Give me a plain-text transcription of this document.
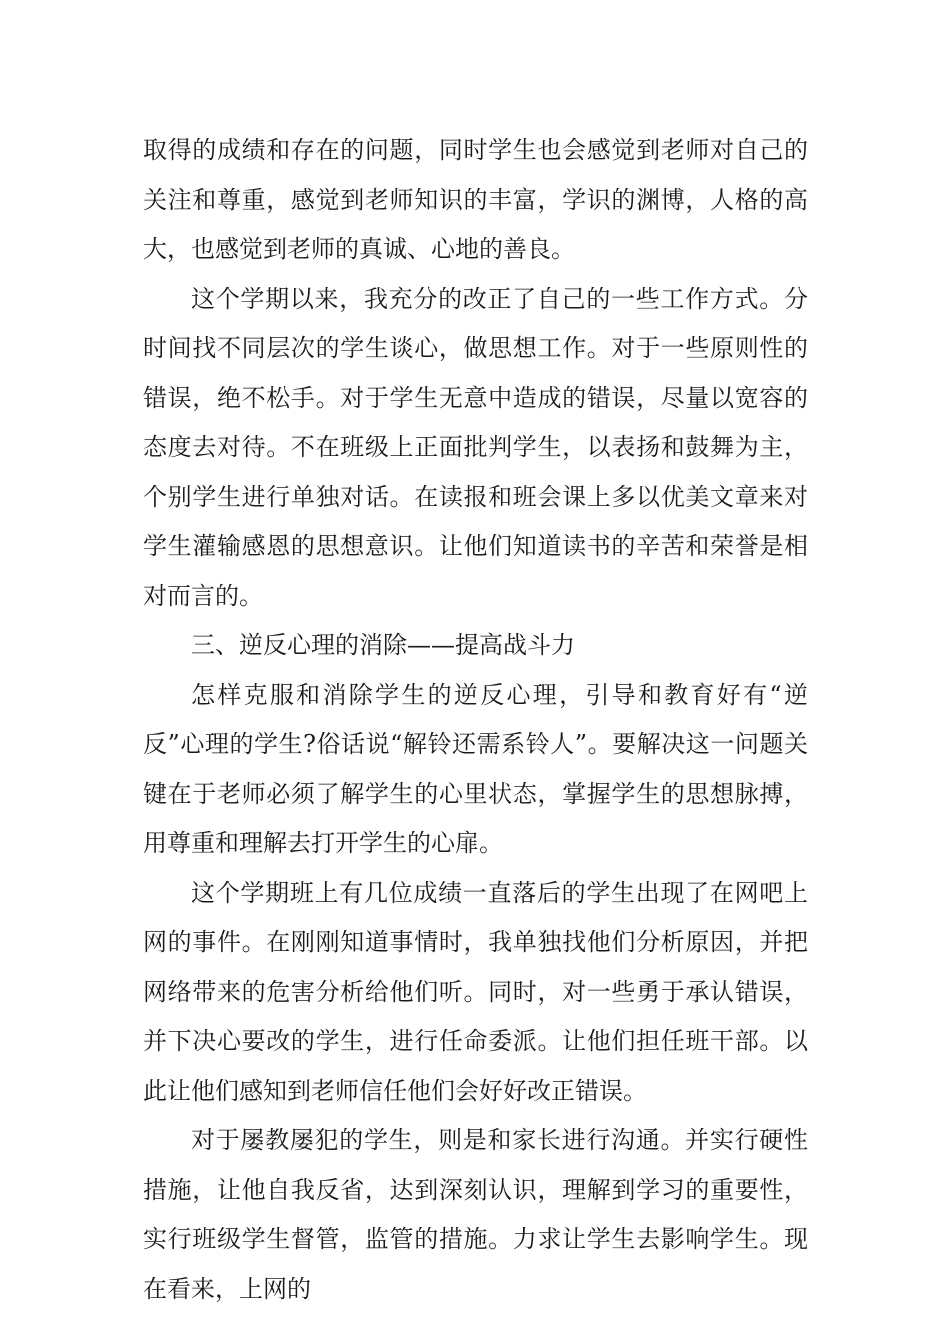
取得的成绩和存在的问题，同时学生也会感觉到老师对自己的关注和尊重，感觉到老师知识的丰富，学识的渊博，人格的高大，也感觉到老师的真诚、心地的善良。

这个学期以来，我充分的改正了自己的一些工作方式。分时间找不同层次的学生谈心，做思想工作。对于一些原则性的错误，绝不松手。对于学生无意中造成的错误，尽量以宽容的态度去对待。不在班级上正面批判学生，以表扬和鼓舞为主，个别学生进行单独对话。在读报和班会课上多以优美文章来对学生灌输感恩的思想意识。让他们知道读书的辛苦和荣誉是相对而言的。

三、逆反心理的消除——提高战斗力

怎样克服和消除学生的逆反心理，引导和教育好有“逆反”心理的学生?俗话说“解铃还需系铃人”。要解决这一问题关键在于老师必须了解学生的心里状态，掌握学生的思想脉搏，用尊重和理解去打开学生的心扉。

这个学期班上有几位成绩一直落后的学生出现了在网吧上网的事件。在刚刚知道事情时，我单独找他们分析原因，并把网络带来的危害分析给他们听。同时，对一些勇于承认错误，并下决心要改的学生，进行任命委派。让他们担任班干部。以此让他们感知到老师信任他们会好好改正错误。

对于屡教屡犯的学生，则是和家长进行沟通。并实行硬性措施，让他自我反省，达到深刻认识，理解到学习的重要性，实行班级学生督管，监管的措施。力求让学生去影响学生。现在看来，上网的
